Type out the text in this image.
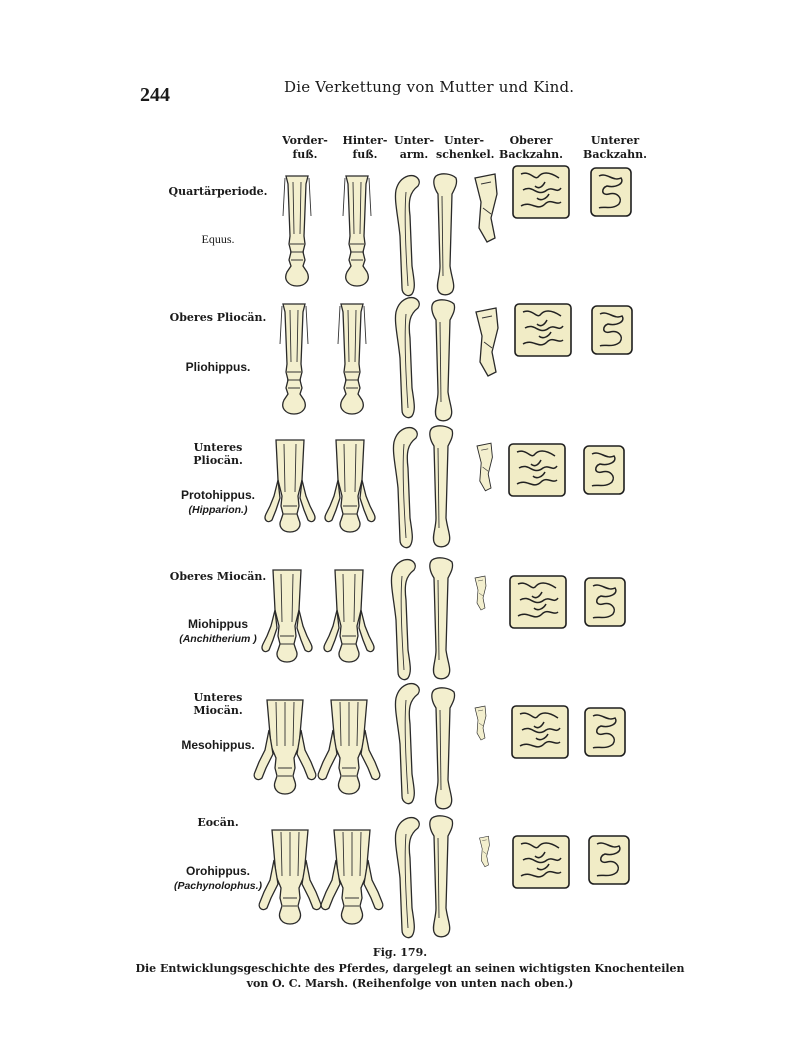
244	Die Verkettung von Mutter und Kind.
Vorder-
fuß.
Hinter-
fuß.
Unter-
arm.
Unter-
schenkel.
Oberer
Backzahn.
Unterer
Backzahn.
Quartärperiode.
Equus.
Oberes Pliocän.
Pliohippus.
Unteres Pliocän.
Protohippus.
(Hipparion.)
Oberes Miocän.
Miohippus
(Anchitherium )
Unteres Miocän.
Mesohippus.
Eocän.
Orohippus.
(Pachynolophus.)
Fig. 179.
Die Entwicklungsgeschichte des Pferdes, dargelegt an seinen wichtigsten Knochenteilen
von O. C. Marsh. (Reihenfolge von unten nach oben.)
